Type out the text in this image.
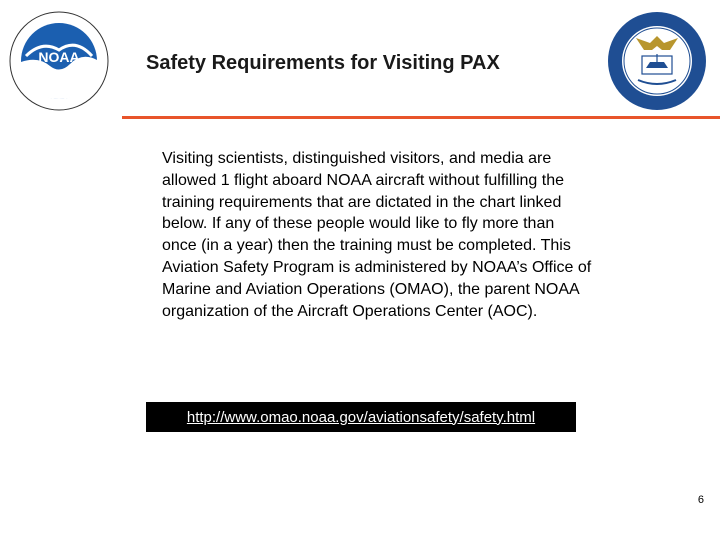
NOAA	Safety Requirements for Visiting PAX

Visiting scientists, distinguished visitors, and media are allowed 1 flight aboard NOAA aircraft without fulfilling the training requirements that are dictated in the chart linked below. If any of these people would like to fly more than once (in a year) then the training must be completed. This Aviation Safety Program is administered by NOAA’s Office of Marine and Aviation Operations (OMAO), the parent NOAA organization of the Aircraft Operations Center (AOC).

http://www.omao.noaa.gov/aviationsafety/safety.html
6
